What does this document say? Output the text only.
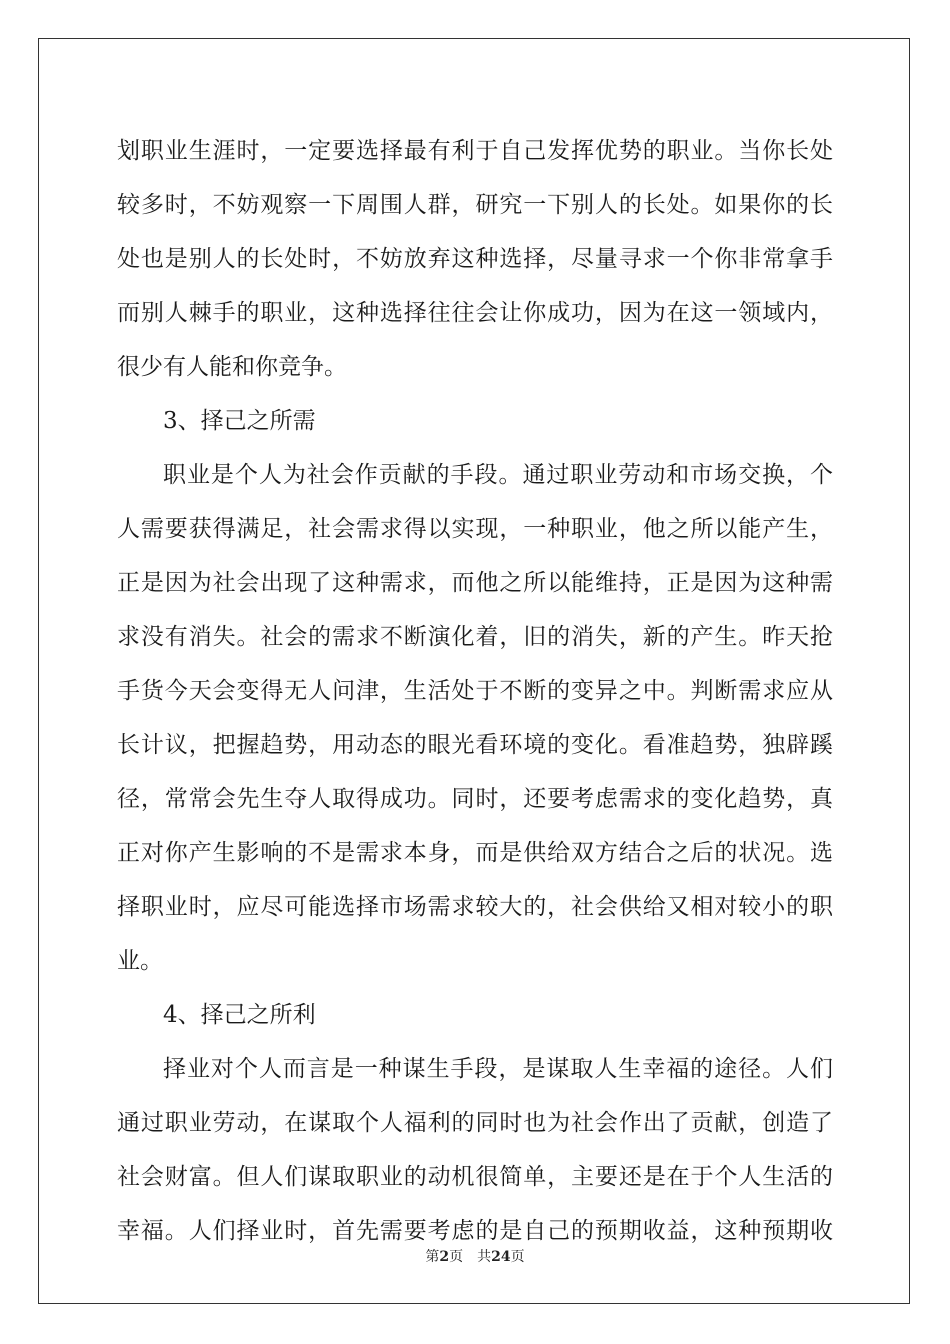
划职业生涯时，一定要选择最有利于自己发挥优势的职业。当你长处
较多时，不妨观察一下周围人群，研究一下别人的长处。如果你的长
处也是别人的长处时，不妨放弃这种选择，尽量寻求一个你非常拿手
而别人棘手的职业，这种选择往往会让你成功，因为在这一领域内，
很少有人能和你竞争。
3、择己之所需
职业是个人为社会作贡献的手段。通过职业劳动和市场交换，个
人需要获得满足，社会需求得以实现，一种职业，他之所以能产生，
正是因为社会出现了这种需求，而他之所以能维持，正是因为这种需
求没有消失。社会的需求不断演化着，旧的消失，新的产生。昨天抢
手货今天会变得无人问津，生活处于不断的变异之中。判断需求应从
长计议，把握趋势，用动态的眼光看环境的变化。看准趋势，独辟蹊
径，常常会先生夺人取得成功。同时，还要考虑需求的变化趋势，真
正对你产生影响的不是需求本身，而是供给双方结合之后的状况。选
择职业时，应尽可能选择市场需求较大的，社会供给又相对较小的职
业。
4、择己之所利
择业对个人而言是一种谋生手段，是谋取人生幸福的途径。人们
通过职业劳动，在谋取个人福利的同时也为社会作出了贡献，创造了
社会财富。但人们谋取职业的动机很简单，主要还是在于个人生活的
幸福。人们择业时，首先需要考虑的是自己的预期收益，这种预期收
第2页 共24页
